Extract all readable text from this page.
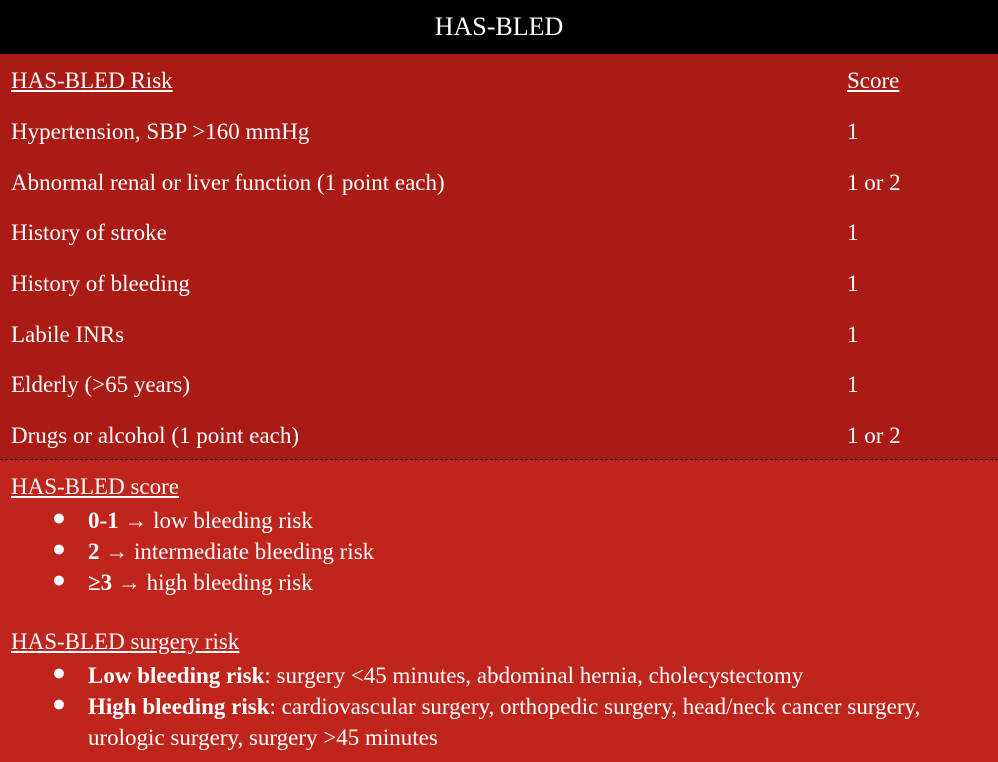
HAS-BLED
HAS-BLED Risk	Score
Hypertension, SBP >160 mmHg	1
Abnormal renal or liver function (1 point each)	1 or 2
History of stroke	1
History of bleeding	1
Labile INRs	1
Elderly (>65 years)	1
Drugs or alcohol (1 point each)	1 or 2
HAS-BLED score
● 0-1 → low bleeding risk
● 2 → intermediate bleeding risk
● ≥3 → high bleeding risk
HAS-BLED surgery risk
● Low bleeding risk: surgery <45 minutes, abdominal hernia, cholecystectomy
● High bleeding risk: cardiovascular surgery, orthopedic surgery, head/neck cancer surgery, urologic surgery, surgery >45 minutes
